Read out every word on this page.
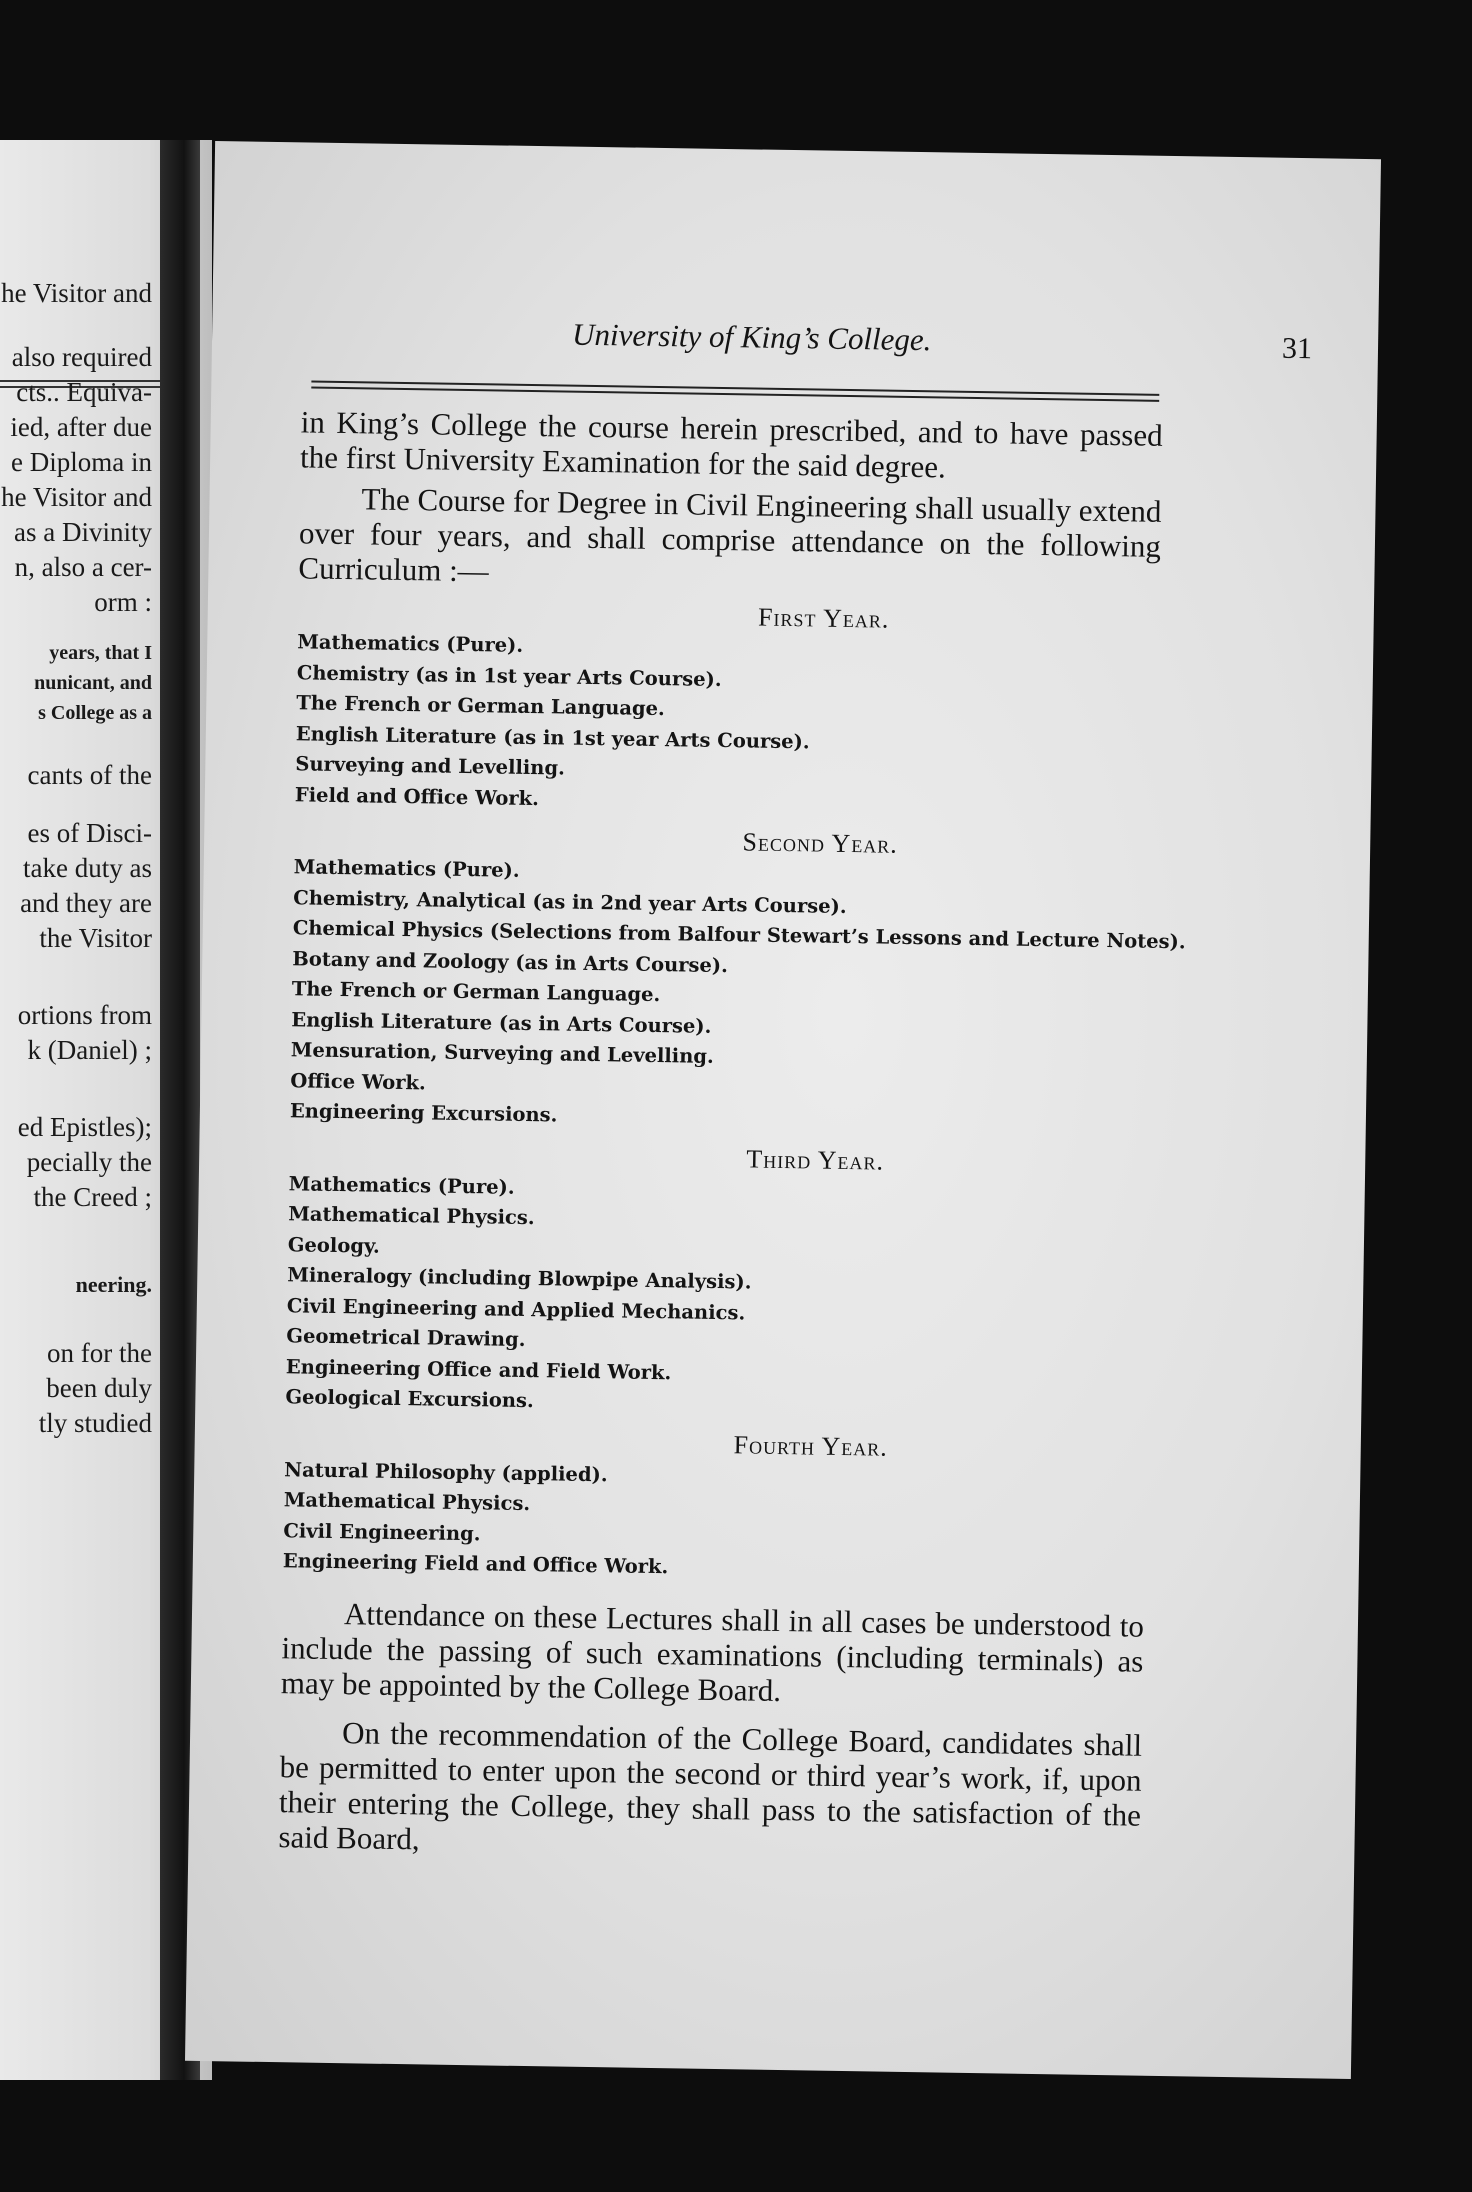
he Visitor and
also required
cts.. Equiva-
ied, after due
e Diploma in
he Visitor and
as a Divinity
n, also a cer-
orm :
years, that I
nunicant, and
s College as a
cants of the
es of Disci-
take duty as
and they are
the Visitor
ortions from
k (Daniel) ;
ed Epistles);
pecially the
the Creed ;
neering.
on for the
been duly
tly studied
University of King’s College.	31

in King’s College the course herein prescribed, and to have passed the first University Examination for the said degree.

The Course for Degree in Civil Engineering shall usually extend over four years, and shall comprise attendance on the following Curriculum :—

First Year.
Mathematics (Pure).
Chemistry (as in 1st year Arts Course).
The French or German Language.
English Literature (as in 1st year Arts Course).
Surveying and Levelling.
Field and Office Work.
Second Year.
Mathematics (Pure).
Chemistry, Analytical (as in 2nd year Arts Course).
Chemical Physics (Selections from Balfour Stewart’s Lessons and Lecture Notes).
Botany and Zoology (as in Arts Course).
The French or German Language.
English Literature (as in Arts Course).
Mensuration, Surveying and Levelling.
Office Work.
Engineering Excursions.
Third Year.
Mathematics (Pure).
Mathematical Physics.
Geology.
Mineralogy (including Blowpipe Analysis).
Civil Engineering and Applied Mechanics.
Geometrical Drawing.
Engineering Office and Field Work.
Geological Excursions.
Fourth Year.
Natural Philosophy (applied).
Mathematical Physics.
Civil Engineering.
Engineering Field and Office Work.

Attendance on these Lectures shall in all cases be understood to include the passing of such examinations (including terminals) as may be appointed by the College Board.

On the recommendation of the College Board, candidates shall be permitted to enter upon the second or third year’s work, if, upon their entering the College, they shall pass to the satisfaction of the said Board,
